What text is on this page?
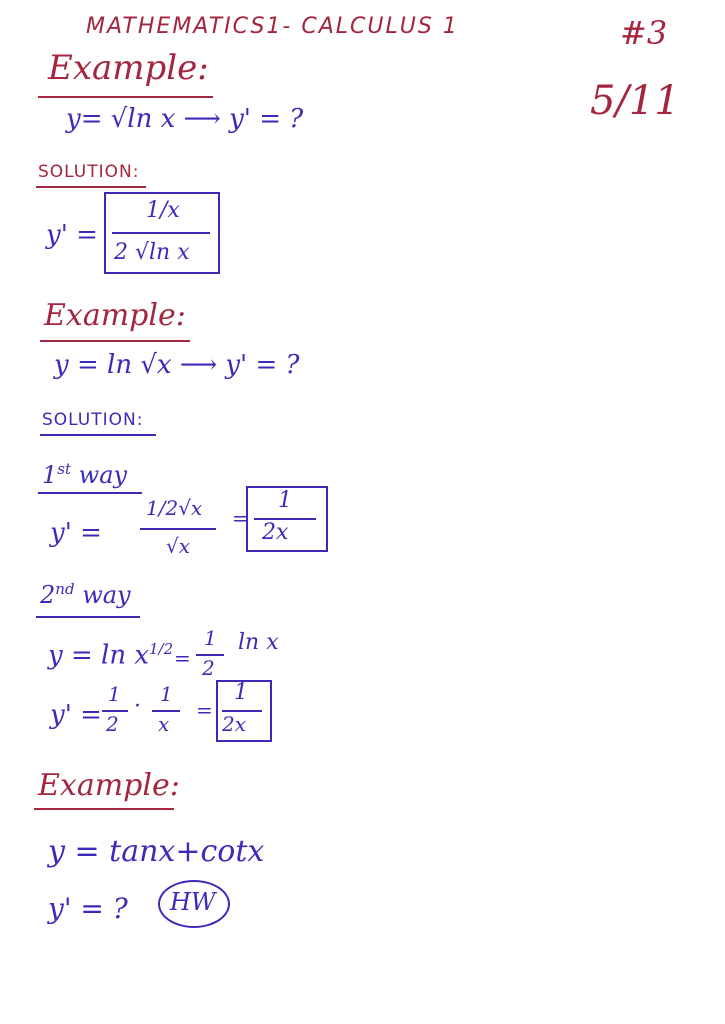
MATHEMATICS1- CALCULUS 1	#3
5/11
Example:
y= √ln x ⟶ y' = ?
SOLUTION:
y' =
1/x
2 √ln x
Example:
y = ln √x ⟶ y' = ?
SOLUTION:
1st way
y' =
1/2√x
√x
=
1
2x
2nd way
$y = \ln x^{1/2}$ =
1
2
ln x
y' =
1
2
· 1
x
=
1
2x
Example:
y = tanx+cotx
y' = ? HW
